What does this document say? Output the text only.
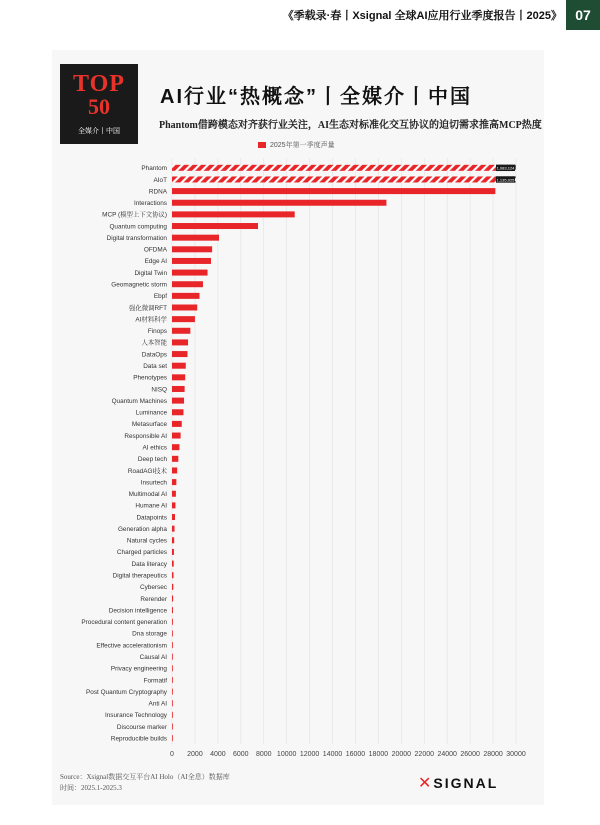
《季载录·春丨Xsignal 全球AI应用行业季度报告丨2025》 07
TOP
50
全媒介丨中国
AI行业“热概念”丨全媒介丨中国
Phantom借跨模态对齐获行业关注，AI生态对标准化交互协议的迫切需求推高MCP热度
2025年第一季度声量
0 2000 4000 6000 8000 10000 12000 14000 16000 18000 20000 22000 24000 26000 28000 30000
Phantom	1,083,124
AIoT	1,135,025
RDNA
Interactions
MCP (模型上下文协议)
Quantum computing
Digital transformation
OFDMA
Edge AI
Digital Twin
Geomagnetic storm
Ebpf
强化微调RFT
AI材料科学
Finops
人本智能
DataOps
Data set
Phenotypes
NISQ
Quantum Machines
Luminance
Metasurface
Responsible AI
AI ethics
Deep tech
RoadAGI技术
Insurtech
Multimodal AI
Humane AI
Datapoints
Generation alpha
Natural cycles
Charged particles
Data literacy
Digital therapeutics
Cybersec
Rerender
Decision intelligence
Procedural content generation
Dna storage
Effective accelerationism
Causal AI
Privacy engineering
Formatif
Post Quantum Cryptography
Anti AI
Insurance Technology
Discourse marker
Reproducible builds
Source：Xsignal数据交互平台AI Holo（AI全息）数据库
时间：2025.1-2025.3	✕SIGNAL
